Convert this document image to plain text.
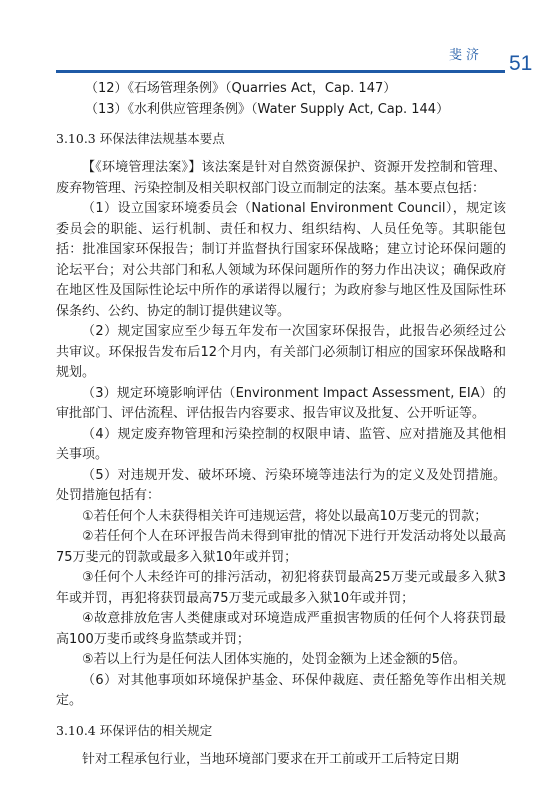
斐济 51

（12）《石场管理条例》（Quarries Act，Cap. 147）

（13）《水利供应管理条例》（Water Supply Act, Cap. 144）

3.10.3 环保法律法规基本要点

【《环境管理法案》】该法案是针对自然资源保护、资源开发控制和管理、废弃物管理、污染控制及相关职权部门设立而制定的法案。基本要点包括：

（1）设立国家环境委员会（National Environment Council），规定该委员会的职能、运行机制、责任和权力、组织结构、人员任免等。其职能包括：批准国家环保报告；制订并监督执行国家环保战略；建立讨论环保问题的论坛平台；对公共部门和私人领域为环保问题所作的努力作出决议；确保政府在地区性及国际性论坛中所作的承诺得以履行；为政府参与地区性及国际性环保条约、公约、协定的制订提供建议等。

（2）规定国家应至少每五年发布一次国家环保报告，此报告必须经过公共审议。环保报告发布后12个月内，有关部门必须制订相应的国家环保战略和规划。

（3）规定环境影响评估（Environment Impact Assessment, EIA）的审批部门、评估流程、评估报告内容要求、报告审议及批复、公开听证等。

（4）规定废弃物管理和污染控制的权限申请、监管、应对措施及其他相关事项。

（5）对违规开发、破坏环境、污染环境等违法行为的定义及处罚措施。处罚措施包括有：

①若任何个人未获得相关许可违规运营，将处以最高10万斐元的罚款；

②若任何个人在环评报告尚未得到审批的情况下进行开发活动将处以最高75万斐元的罚款或最多入狱10年或并罚；

③任何个人未经许可的排污活动，初犯将获罚最高25万斐元或最多入狱3年或并罚，再犯将获罚最高75万斐元或最多入狱10年或并罚；

④故意排放危害人类健康或对环境造成严重损害物质的任何个人将获罚最高100万斐币或终身监禁或并罚；

⑤若以上行为是任何法人团体实施的，处罚金额为上述金额的5倍。

（6）对其他事项如环境保护基金、环保仲裁庭、责任豁免等作出相关规定。

3.10.4 环保评估的相关规定

针对工程承包行业，当地环境部门要求在开工前或开工后特定日期
